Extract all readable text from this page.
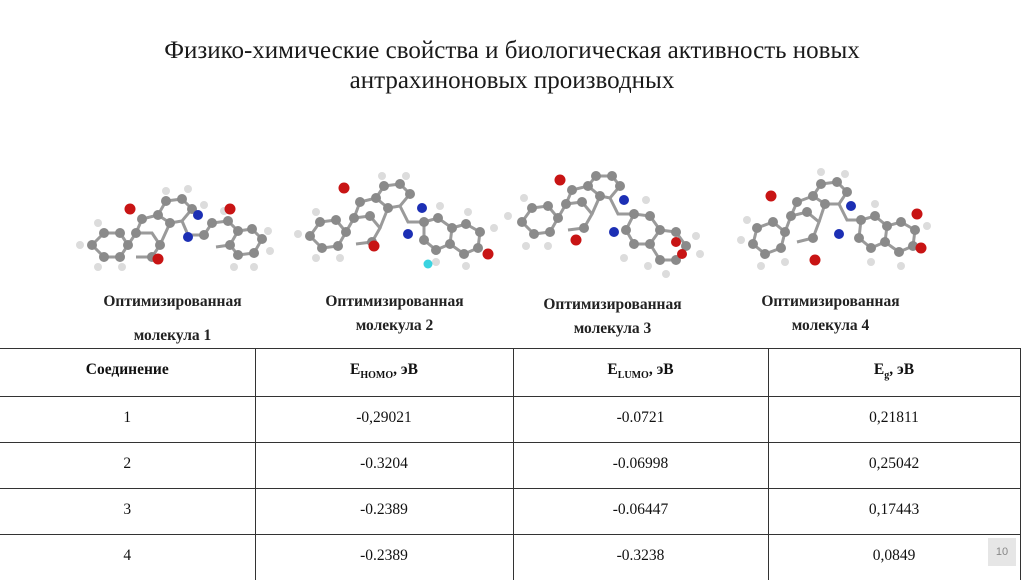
Физико-химические свойства и биологическая активность новых
антрахиноновых производных
Оптимизированная
молекула 1
Оптимизированная
молекула 2
Оптимизированная
молекула 3
Оптимизированная
молекула 4
Соединение	$E_{HOMO}$, эВ	$E_{LUMO}$, эВ	$E_g$, эВ
1	-0,29021	-0.0721	0,21811
2	-0.3204	-0.06998	0,25042
3	-0.2389	-0.06447	0,17443
4	-0.2389	-0.3238	0,0849	10
